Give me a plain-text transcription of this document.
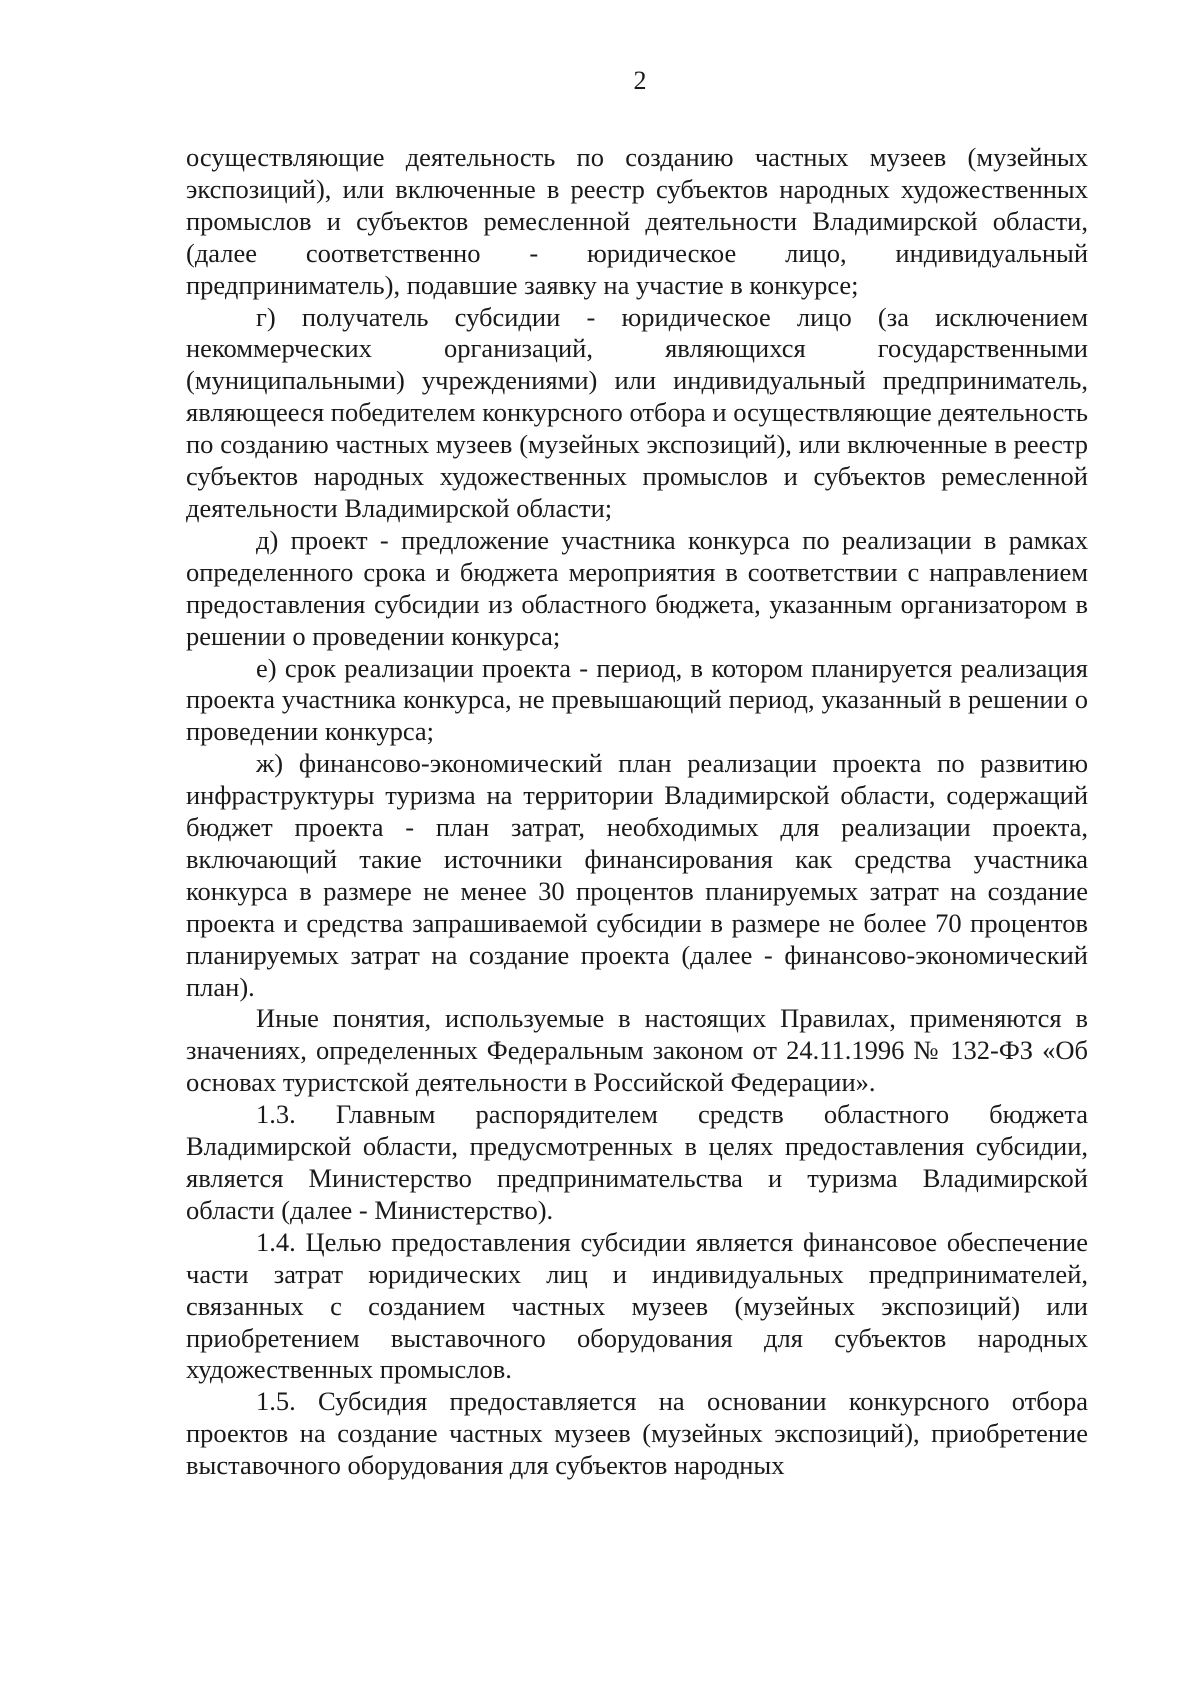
2

осуществляющие деятельность по созданию частных музеев (музейных экспозиций), или включенные в реестр субъектов народных художественных промыслов и субъектов ремесленной деятельности Владимирской области, (далее соответственно - юридическое лицо, индивидуальный предприниматель), подавшие заявку на участие в конкурсе;

г) получатель субсидии - юридическое лицо (за исключением некоммерческих организаций, являющихся государственными (муниципальными) учреждениями) или индивидуальный предприниматель, являющееся победителем конкурсного отбора и осуществляющие деятельность по созданию частных музеев (музейных экспозиций), или включенные в реестр субъектов народных художественных промыслов и субъектов ремесленной деятельности Владимирской области;

д) проект - предложение участника конкурса по реализации в рамках определенного срока и бюджета мероприятия в соответствии с направлением предоставления субсидии из областного бюджета, указанным организатором в решении о проведении конкурса;

е) срок реализации проекта - период, в котором планируется реализация проекта участника конкурса, не превышающий период, указанный в решении о проведении конкурса;

ж) финансово-экономический план реализации проекта по развитию инфраструктуры туризма на территории Владимирской области, содержащий бюджет проекта - план затрат, необходимых для реализации проекта, включающий такие источники финансирования как средства участника конкурса в размере не менее 30 процентов планируемых затрат на создание проекта и средства запрашиваемой субсидии в размере не более 70 процентов планируемых затрат на создание проекта (далее - финансово-экономический план).

Иные понятия, используемые в настоящих Правилах, применяются в значениях, определенных Федеральным законом от 24.11.1996 № 132-ФЗ «Об основах туристской деятельности в Российской Федерации».

1.3. Главным распорядителем средств областного бюджета Владимирской области, предусмотренных в целях предоставления субсидии, является Министерство предпринимательства и туризма Владимирской области (далее - Министерство).

1.4. Целью предоставления субсидии является финансовое обеспечение части затрат юридических лиц и индивидуальных предпринимателей, связанных с созданием частных музеев (музейных экспозиций) или приобретением выставочного оборудования для субъектов народных художественных промыслов.

1.5. Субсидия предоставляется на основании конкурсного отбора проектов на создание частных музеев (музейных экспозиций), приобретение выставочного оборудования для субъектов народных
